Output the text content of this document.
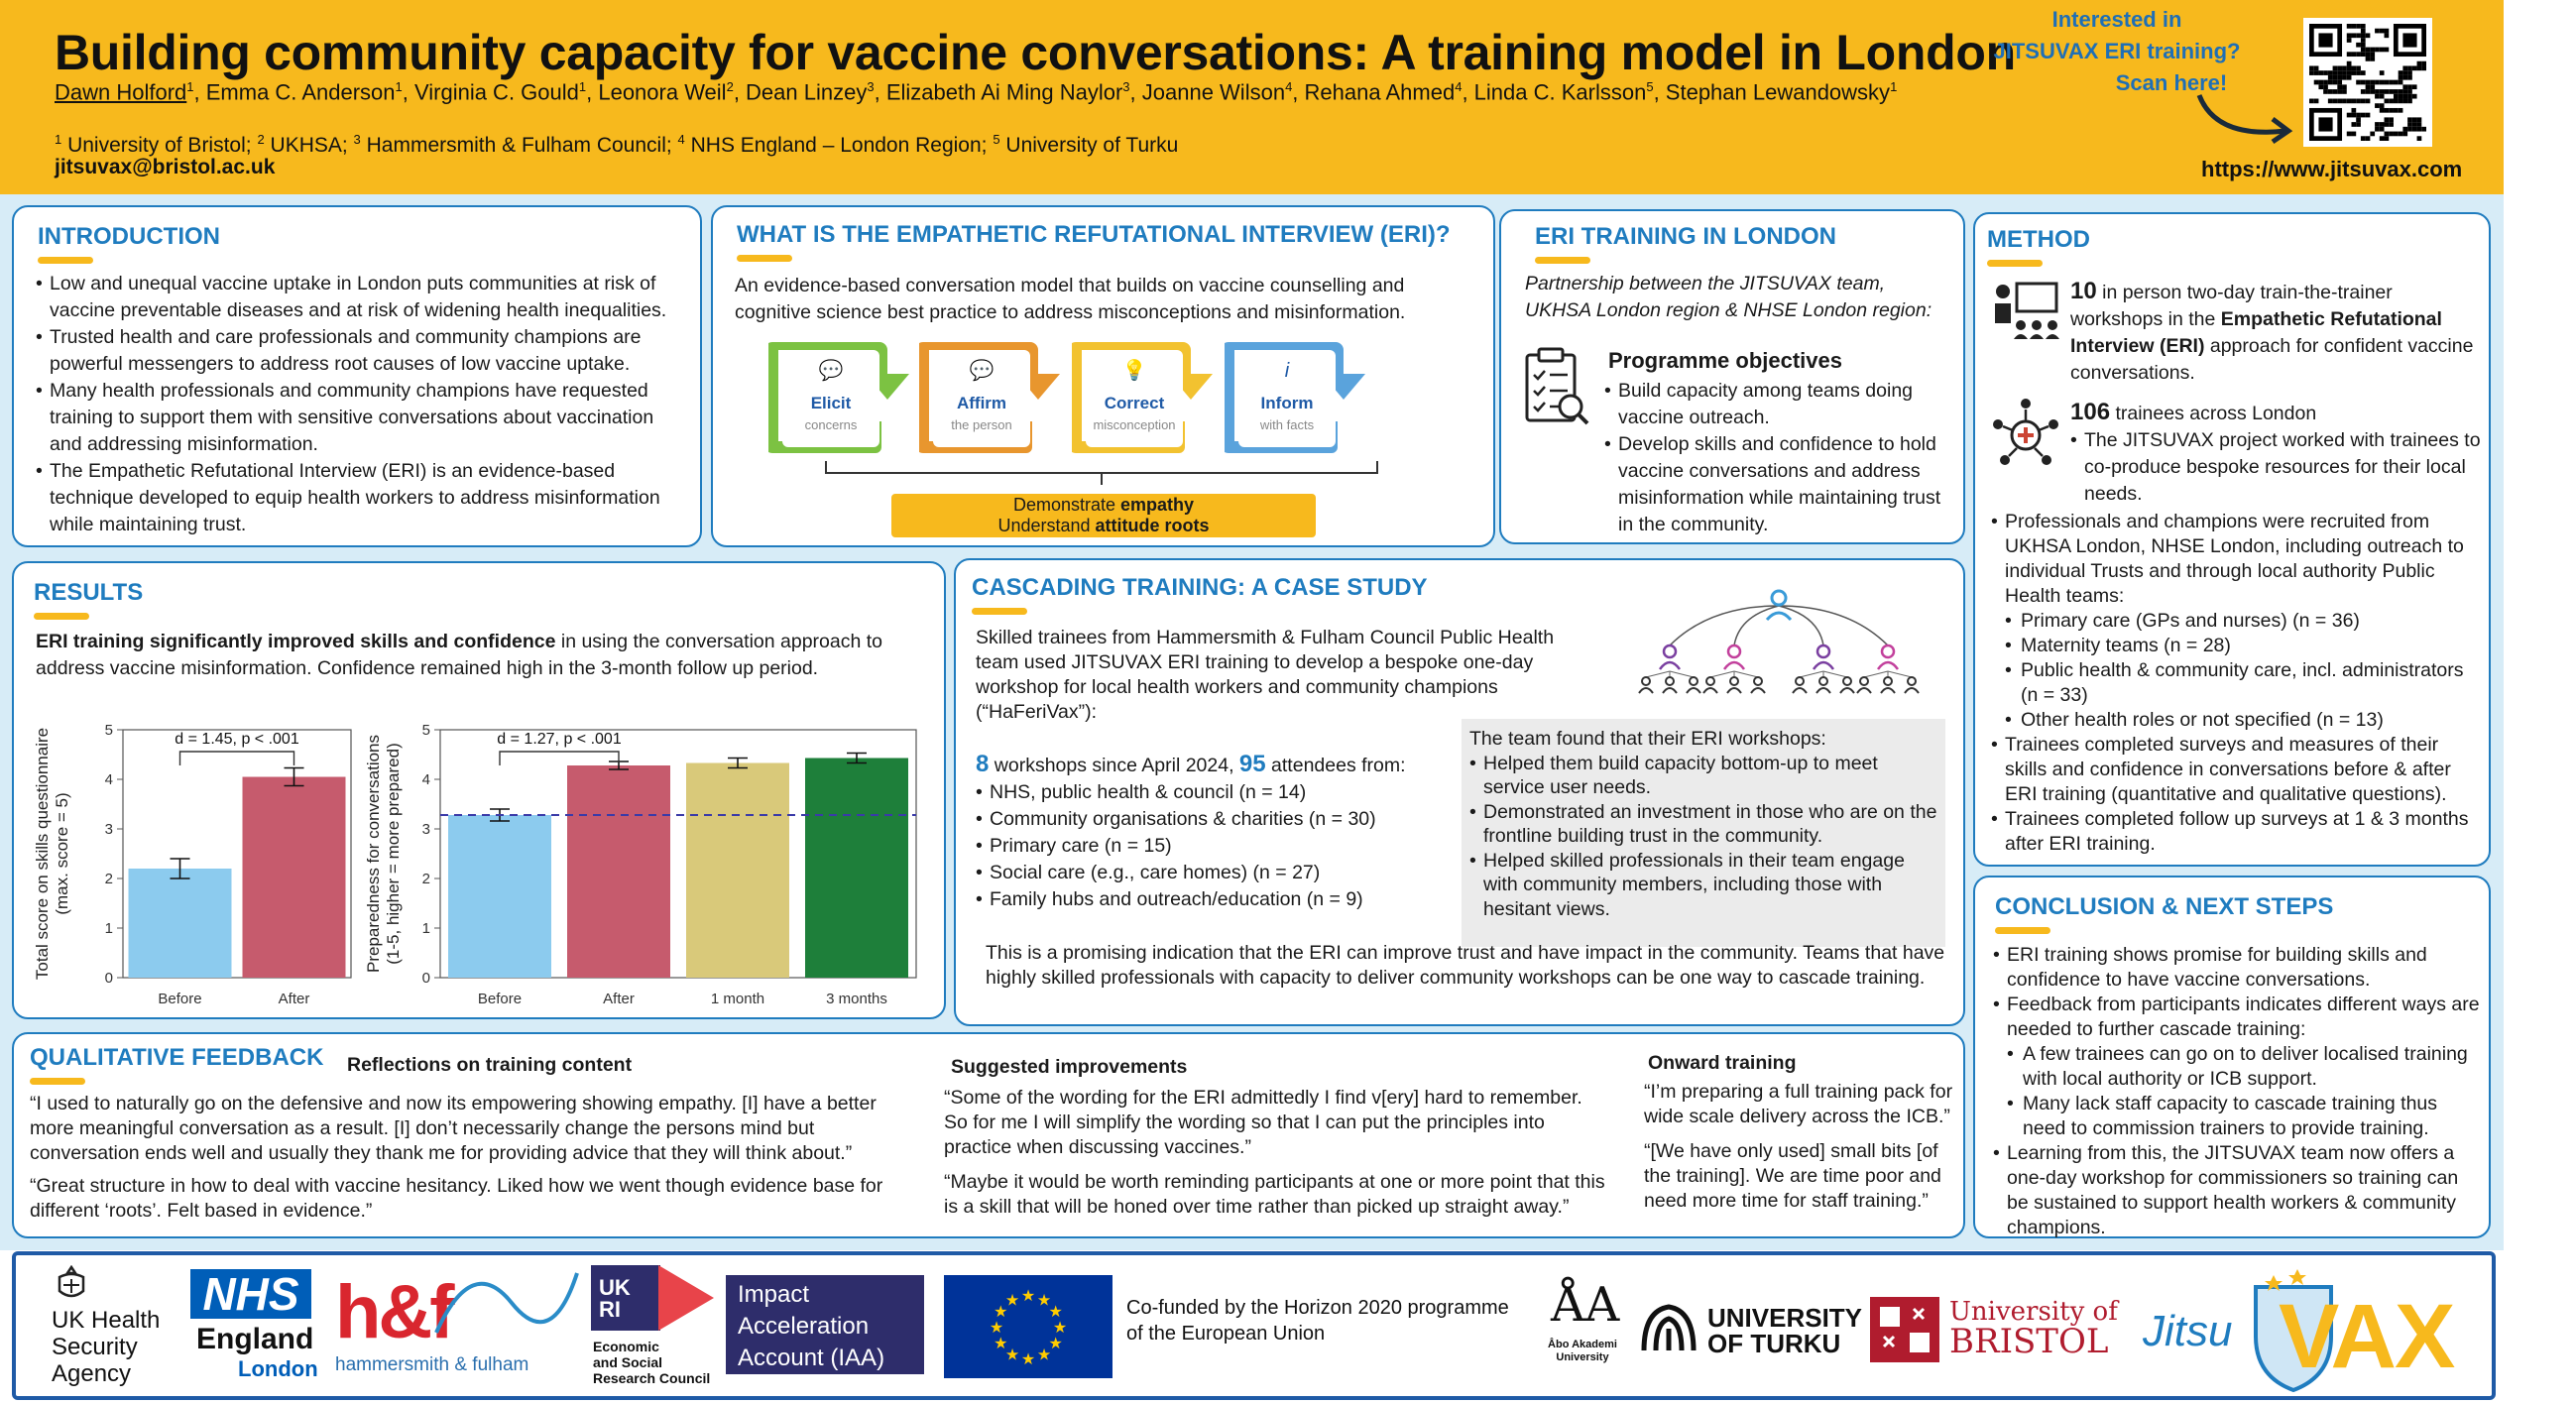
Building community capacity for vaccine conversations: A training model in London
Dawn Holford$^1$, Emma C. Anderson$^1$, Virginia C. Gould$^1$, Leonora Weil$^2$, Dean Linzey$^3$, Elizabeth Ai Ming Naylor$^3$, Joanne Wilson$^4$, Rehana Ahmed$^4$, Linda C. Karlsson$^5$, Stephan Lewandowsky$^1$
$^1$ University of Bristol; $^2$ UKHSA; $^3$ Hammersmith & Fulham Council; $^4$ NHS England – London Region; $^5$ University of Turku
jitsuvax@bristol.ac.uk
Interested in
JITSUVAX ERI training?
Scan here!
https://www.jitsuvax.com
INTRODUCTION
• Low and unequal vaccine uptake in London puts communities at risk of vaccine preventable diseases and at risk of widening health inequalities.
• Trusted health and care professionals and community champions are powerful messengers to address root causes of low vaccine uptake.
• Many health professionals and community champions have requested training to support them with sensitive conversations about vaccination and addressing misinformation.
• The Empathetic Refutational Interview (ERI) is an evidence-based technique developed to equip health workers to address misinformation while maintaining trust.
WHAT IS THE EMPATHETIC REFUTATIONAL INTERVIEW (ERI)?
An evidence-based conversation model that builds on vaccine counselling and cognitive science best practice to address misconceptions and misinformation.
💬
Elicit
concerns
💬
Affirm
the person
💡
Correct
misconception
i
Inform
with facts
Demonstrate empathy
Understand attitude roots
ERI TRAINING IN LONDON
Partnership between the JITSUVAX team, UKHSA London region & NHSE London region:
Programme objectives
• Build capacity among teams doing vaccine outreach.
• Develop skills and confidence to hold vaccine conversations and address misinformation while maintaining trust in the community.
METHOD
10 in person two-day train-the-trainer workshops in the Empathetic Refutational Interview (ERI) approach for confident vaccine conversations.
106 trainees across London
• The JITSUVAX project worked with trainees to co-produce bespoke resources for their local needs.
• Professionals and champions were recruited from UKHSA London, NHSE London, including outreach to individual Trusts and through local authority Public Health teams:
• Primary care (GPs and nurses) (n = 36)
• Maternity teams (n = 28)
• Public health & community care, incl. administrators (n = 33)
• Other health roles or not specified (n = 13)
• Trainees completed surveys and measures of their skills and confidence in conversations before & after ERI training (quantitative and qualitative questions).
• Trainees completed follow up surveys at 1 & 3 months after ERI training.
RESULTS
ERI training significantly improved skills and confidence in using the conversation approach to address vaccine misinformation. Confidence remained high in the 3-month follow up period.
Total score on skills questionnaire (max. score = 5)
0
1
2
3
4
5
Before	After
d = 1.45, p < .001	Preparedness for conversations (1-5, higher = more prepared)
0
1
2
3
4
5
Before	After	1 month	3 months
d = 1.27, p < .001
CASCADING TRAINING: A CASE STUDY
Skilled trainees from Hammersmith & Fulham Council Public Health team used JITSUVAX ERI training to develop a bespoke one-day workshop for local health workers and community champions (“HaFeriVax”):
8 workshops since April 2024, 95 attendees from:
• NHS, public health & council (n = 14)
• Community organisations & charities (n = 30)
• Primary care (n = 15)
• Social care (e.g., care homes) (n = 27)
• Family hubs and outreach/education (n = 9)
The team found that their ERI workshops:
• Helped them build capacity bottom-up to meet service user needs.
• Demonstrated an investment in those who are on the frontline building trust in the community.
• Helped skilled professionals in their team engage with community members, including those with hesitant views.
This is a promising indication that the ERI can improve trust and have impact in the community. Teams that have highly skilled professionals with capacity to deliver community workshops can be one way to cascade training.
QUALITATIVE FEEDBACK Reflections on training content
“I used to naturally go on the defensive and now its empowering showing empathy. [I] have a better more meaningful conversation as a result. [I] don’t necessarily change the persons mind but conversation ends well and usually they thank me for providing advice that they will think about.”
“Great structure in how to deal with vaccine hesitancy. Liked how we went though evidence base for different ‘roots’. Felt based in evidence.”
Suggested improvements
“Some of the wording for the ERI admittedly I find v[ery] hard to remember. So for me I will simplify the wording so that I can put the principles into practice when discussing vaccines.”
“Maybe it would be worth reminding participants at one or more point that this is a skill that will be honed over time rather than picked up straight away.”
Onward training
“I’m preparing a full training pack for wide scale delivery across the ICB.”
“[We have only used] small bits [of the training]. We are time poor and need more time for staff training.”
CONCLUSION & NEXT STEPS
• ERI training shows promise for building skills and confidence to have vaccine conversations.
• Feedback from participants indicates different ways are needed to further cascade training:
• A few trainees can go on to deliver localised training with local authority or ICB support.
• Many lack staff capacity to cascade training thus need to commission trainers to provide training.
• Learning from this, the JITSUVAX team now offers a one-day workshop for commissioners so training can be sustained to support health workers & community champions.
UK Health
Security
Agency
NHS
England
London
h&f
hammersmith & fulham
UK RI
Economic
and Social
Research Council
Impact
Acceleration
Account (IAA)
★
★
★
★
★
★
★
★
★ ★ ★
★	Co-funded by the Horizon 2020 programme
of the European Union
ÅA
Åbo Akademi
University
UNIVERSITY
OF TURKU
University of
BRISTOL Jitsu VAX
